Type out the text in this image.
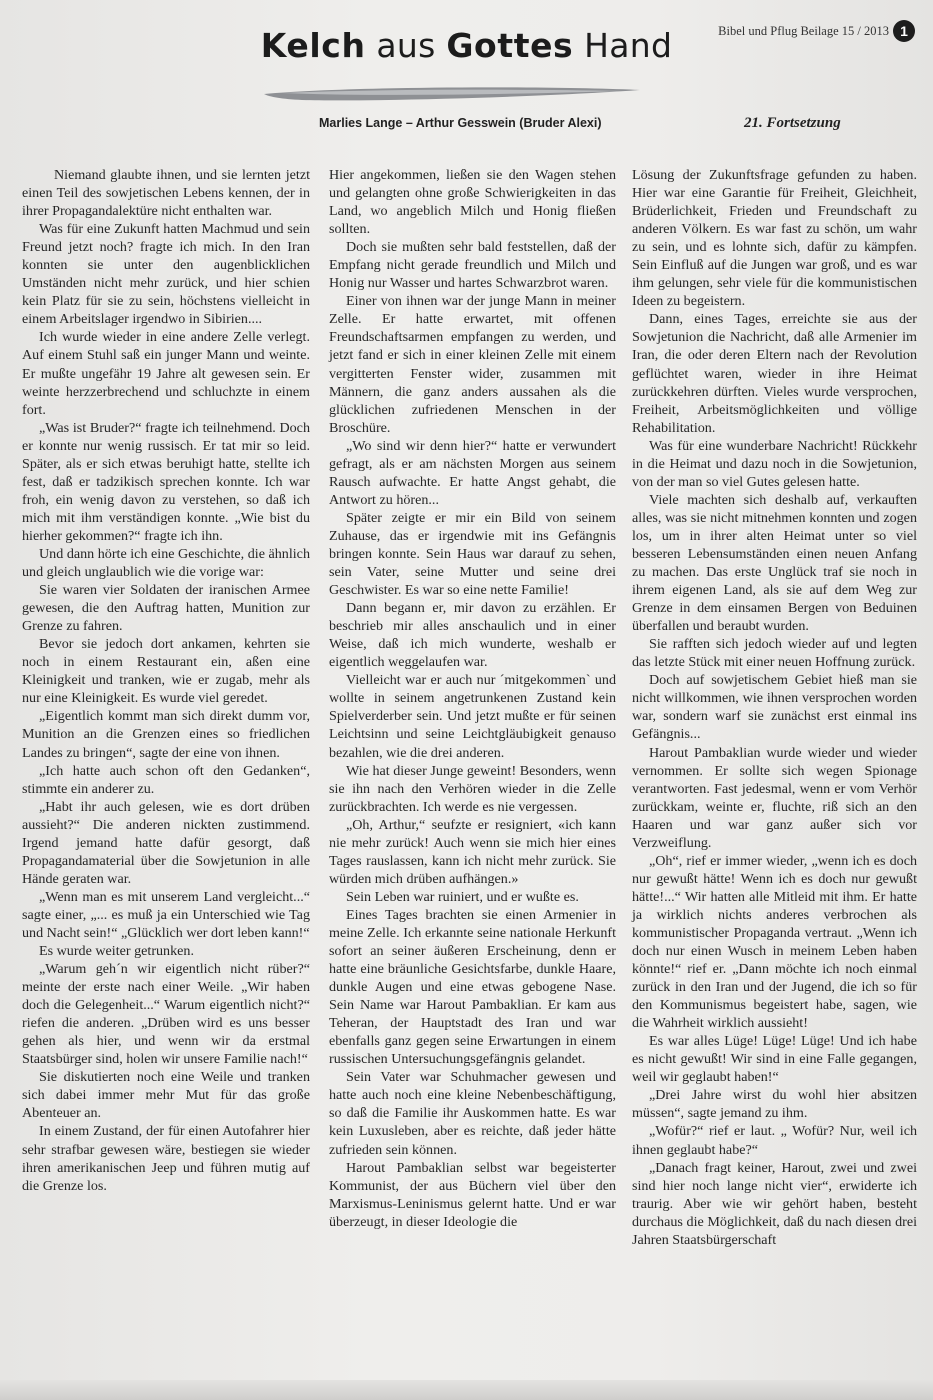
Bibel und Pflug Beilage 15 / 2013 1
Kelch aus Gottes Hand
Marlies Lange – Arthur Gesswein (Bruder Alexi)	21. Fortsetzung

Niemand glaubte ihnen, und sie lernten jetzt einen Teil des sowjetischen Lebens kennen, der in ihrer Propagandalektüre nicht enthalten war.

Was für eine Zukunft hatten Machmud und sein Freund jetzt noch? fragte ich mich. In den Iran konnten sie unter den augenblicklichen Umständen nicht mehr zurück, und hier schien kein Platz für sie zu sein, höchstens vielleicht in einem Arbeitslager irgendwo in Sibirien....

Ich wurde wieder in eine andere Zelle verlegt. Auf einem Stuhl saß ein junger Mann und weinte. Er mußte ungefähr 19 Jahre alt gewesen sein. Er weinte herzzerbrechend und schluchzte in einem fort.

„Was ist Bruder?“ fragte ich teilnehmend. Doch er konnte nur wenig russisch. Er tat mir so leid. Später, als er sich etwas beruhigt hatte, stellte ich fest, daß er tadzikisch sprechen konnte. Ich war froh, ein wenig davon zu verstehen, so daß ich mich mit ihm verständigen konnte. „Wie bist du hierher gekommen?“ fragte ich ihn.

Und dann hörte ich eine Geschichte, die ähnlich und gleich unglaublich wie die vorige war:

Sie waren vier Soldaten der iranischen Armee gewesen, die den Auftrag hatten, Munition zur Grenze zu fahren.

Bevor sie jedoch dort ankamen, kehrten sie noch in einem Restaurant ein, aßen eine Kleinigkeit und tranken, wie er zugab, mehr als nur eine Kleinigkeit. Es wurde viel geredet.

„Eigentlich kommt man sich direkt dumm vor, Munition an die Grenzen eines so friedlichen Landes zu bringen“, sagte der eine von ihnen.

„Ich hatte auch schon oft den Gedanken“, stimmte ein anderer zu.

„Habt ihr auch gelesen, wie es dort drüben aussieht?“ Die anderen nickten zustimmend. Irgend jemand hatte dafür gesorgt, daß Propagandamaterial über die Sowjetunion in alle Hände geraten war.

„Wenn man es mit unserem Land vergleicht...“ sagte einer, „... es muß ja ein Unterschied wie Tag und Nacht sein!“ „Glücklich wer dort leben kann!“

Es wurde weiter getrunken.

„Warum geh´n wir eigentlich nicht rüber?“ meinte der erste nach einer Weile. „Wir haben doch die Gelegenheit...“ Warum eigentlich nicht?“ riefen die anderen. „Drüben wird es uns besser gehen als hier, und wenn wir da erstmal Staatsbürger sind, holen wir unsere Familie nach!“

Sie diskutierten noch eine Weile und tranken sich dabei immer mehr Mut für das große Abenteuer an.

In einem Zustand, der für einen Autofahrer hier sehr strafbar gewesen wäre, bestiegen sie wieder ihren amerikanischen Jeep und führen mutig auf die Grenze los.

Hier angekommen, ließen sie den Wagen stehen und gelangten ohne große Schwierigkeiten in das Land, wo angeblich Milch und Honig fließen sollten.

Doch sie mußten sehr bald feststellen, daß der Empfang nicht gerade freundlich und Milch und Honig nur Wasser und hartes Schwarzbrot waren.

Einer von ihnen war der junge Mann in meiner Zelle. Er hatte erwartet, mit offenen Freundschaftsarmen empfangen zu werden, und jetzt fand er sich in einer kleinen Zelle mit einem vergitterten Fenster wider, zusammen mit Männern, die ganz anders aussahen als die glücklichen zufriedenen Menschen in der Broschüre.

„Wo sind wir denn hier?“ hatte er verwundert gefragt, als er am nächsten Morgen aus seinem Rausch aufwachte. Er hatte Angst gehabt, die Antwort zu hören...

Später zeigte er mir ein Bild von seinem Zuhause, das er irgendwie mit ins Gefängnis bringen konnte. Sein Haus war darauf zu sehen, sein Vater, seine Mutter und seine drei Geschwister. Es war so eine nette Familie!

Dann begann er, mir davon zu erzählen. Er beschrieb mir alles anschaulich und in einer Weise, daß ich mich wunderte, weshalb er eigentlich weggelaufen war.

Vielleicht war er auch nur ´mitgekommen` und wollte in seinem angetrunkenen Zustand kein Spielverderber sein. Und jetzt mußte er für seinen Leichtsinn und seine Leichtgläubigkeit genauso bezahlen, wie die drei anderen.

Wie hat dieser Junge geweint! Besonders, wenn sie ihn nach den Verhören wieder in die Zelle zurückbrachten. Ich werde es nie vergessen.

„Oh, Arthur,“ seufzte er resigniert, «ich kann nie mehr zurück! Auch wenn sie mich hier eines Tages rauslassen, kann ich nicht mehr zurück. Sie würden mich drüben aufhängen.»

Sein Leben war ruiniert, und er wußte es.

Eines Tages brachten sie einen Armenier in meine Zelle. Ich erkannte seine nationale Herkunft sofort an seiner äußeren Erscheinung, denn er hatte eine bräunliche Gesichtsfarbe, dunkle Haare, dunkle Augen und eine etwas gebogene Nase. Sein Name war Harout Pambaklian. Er kam aus Teheran, der Hauptstadt des Iran und war ebenfalls ganz gegen seine Erwartungen in einem russischen Untersuchungsgefängnis gelandet.

Sein Vater war Schuhmacher gewesen und hatte auch noch eine kleine Nebenbeschäftigung, so daß die Familie ihr Auskommen hatte. Es war kein Luxusleben, aber es reichte, daß jeder hätte zufrieden sein können.

Harout Pambaklian selbst war begeisterter Kommunist, der aus Büchern viel über den Marxismus-Leninismus gelernt hatte. Und er war überzeugt, in dieser Ideologie die

Lösung der Zukunftsfrage gefunden zu haben. Hier war eine Garantie für Freiheit, Gleichheit, Brüderlichkeit, Frieden und Freundschaft zu anderen Völkern. Es war fast zu schön, um wahr zu sein, und es lohnte sich, dafür zu kämpfen. Sein Einfluß auf die Jungen war groß, und es war ihm gelungen, sehr viele für die kommunistischen Ideen zu begeistern.

Dann, eines Tages, erreichte sie aus der Sowjetunion die Nachricht, daß alle Armenier im Iran, die oder deren Eltern nach der Revolution geflüchtet waren, wieder in ihre Heimat zurückkehren dürften. Vieles wurde versprochen, Freiheit, Arbeitsmöglichkeiten und völlige Rehabilitation.

Was für eine wunderbare Nachricht! Rückkehr in die Heimat und dazu noch in die Sowjetunion, von der man so viel Gutes gelesen hatte.

Viele machten sich deshalb auf, verkauften alles, was sie nicht mitnehmen konnten und zogen los, um in ihrer alten Heimat unter so viel besseren Lebensumständen einen neuen Anfang zu machen. Das erste Unglück traf sie noch in ihrem eigenen Land, als sie auf dem Weg zur Grenze in dem einsamen Bergen von Beduinen überfallen und beraubt wurden.

Sie rafften sich jedoch wieder auf und legten das letzte Stück mit einer neuen Hoffnung zurück.

Doch auf sowjetischem Gebiet hieß man sie nicht willkommen, wie ihnen versprochen worden war, sondern warf sie zunächst erst einmal ins Gefängnis...

Harout Pambaklian wurde wieder und wieder vernommen. Er sollte sich wegen Spionage verantworten. Fast jedesmal, wenn er vom Verhör zurückkam, weinte er, fluchte, riß sich an den Haaren und war ganz außer sich vor Verzweiflung.

„Oh“, rief er immer wieder, „wenn ich es doch nur gewußt hätte! Wenn ich es doch nur gewußt hätte!...“ Wir hatten alle Mitleid mit ihm. Er hatte ja wirklich nichts anderes verbrochen als kommunistischer Propaganda vertraut. „Wenn ich doch nur einen Wusch in meinem Leben haben könnte!“ rief er. „Dann möchte ich noch einmal zurück in den Iran und der Jugend, die ich so für den Kommunismus begeistert habe, sagen, wie die Wahrheit wirklich aussieht!

Es war alles Lüge! Lüge! Lüge! Und ich habe es nicht gewußt! Wir sind in eine Falle gegangen, weil wir geglaubt haben!“

„Drei Jahre wirst du wohl hier absitzen müssen“, sagte jemand zu ihm.

„Wofür?“ rief er laut. „ Wofür? Nur, weil ich ihnen geglaubt habe?“

„Danach fragt keiner, Harout, zwei und zwei sind hier noch lange nicht vier“, erwiderte ich traurig. Aber wie wir gehört haben, besteht durchaus die Möglichkeit, daß du nach diesen drei Jahren Staatsbürgerschaft
